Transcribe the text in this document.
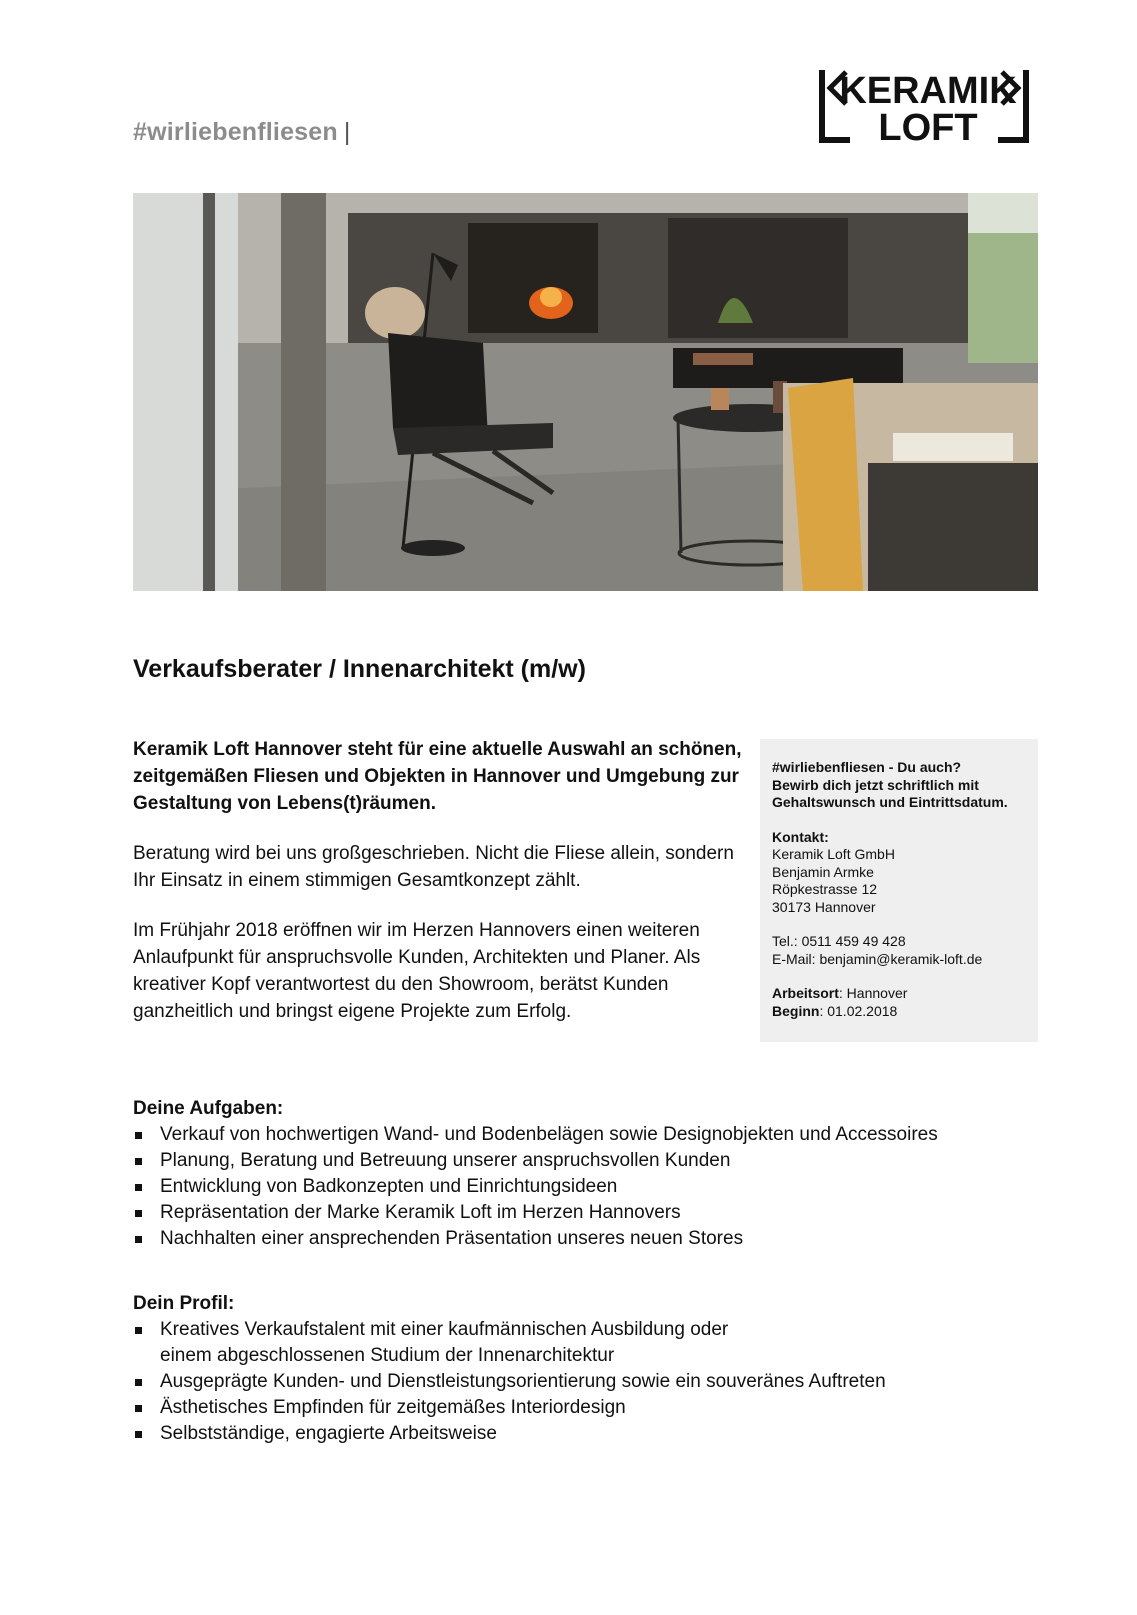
#wirliebenfliesen |
KERAMIK
LOFT
Verkaufsberater / Innenarchitekt (m/w)

Keramik Loft Hannover steht für eine aktuelle Auswahl an schönen, zeitgemäßen Fliesen und Objekten in Hannover und Umgebung zur Gestaltung von Lebens(t)räumen.

Beratung wird bei uns großgeschrieben. Nicht die Fliese allein, sondern Ihr Einsatz in einem stimmigen Gesamtkonzept zählt.

Im Frühjahr 2018 eröffnen wir im Herzen Hannovers einen weiteren Anlaufpunkt für anspruchsvolle Kunden, Architekten und Planer. Als kreativer Kopf verantwortest du den Showroom, berätst Kunden ganzheitlich und bringst eigene Projekte zum Erfolg.

#wirliebenfliesen - Du auch?
Bewirb dich jetzt schriftlich mit
Gehaltswunsch und Eintrittsdatum.

Kontakt:
Keramik Loft GmbH
Benjamin Armke
Röpkestrasse 12
30173 Hannover

Tel.: 0511 459 49 428
E-Mail: benjamin@keramik-loft.de

Arbeitsort: Hannover
Beginn: 01.02.2018

Deine Aufgaben:
Verkauf von hochwertigen Wand- und Bodenbelägen sowie Designobjekten und Accessoires
Planung, Beratung und Betreuung unserer anspruchsvollen Kunden
Entwicklung von Badkonzepten und Einrichtungsideen
Repräsentation der Marke Keramik Loft im Herzen Hannovers
Nachhalten einer ansprechenden Präsentation unseres neuen Stores
Dein Profil:
Kreatives Verkaufstalent mit einer kaufmännischen Ausbildung oder
einem abgeschlossenen Studium der Innenarchitektur
Ausgeprägte Kunden- und Dienstleistungsorientierung sowie ein souveränes Auftreten
Ästhetisches Empfinden für zeitgemäßes Interiordesign
Selbstständige, engagierte Arbeitsweise
